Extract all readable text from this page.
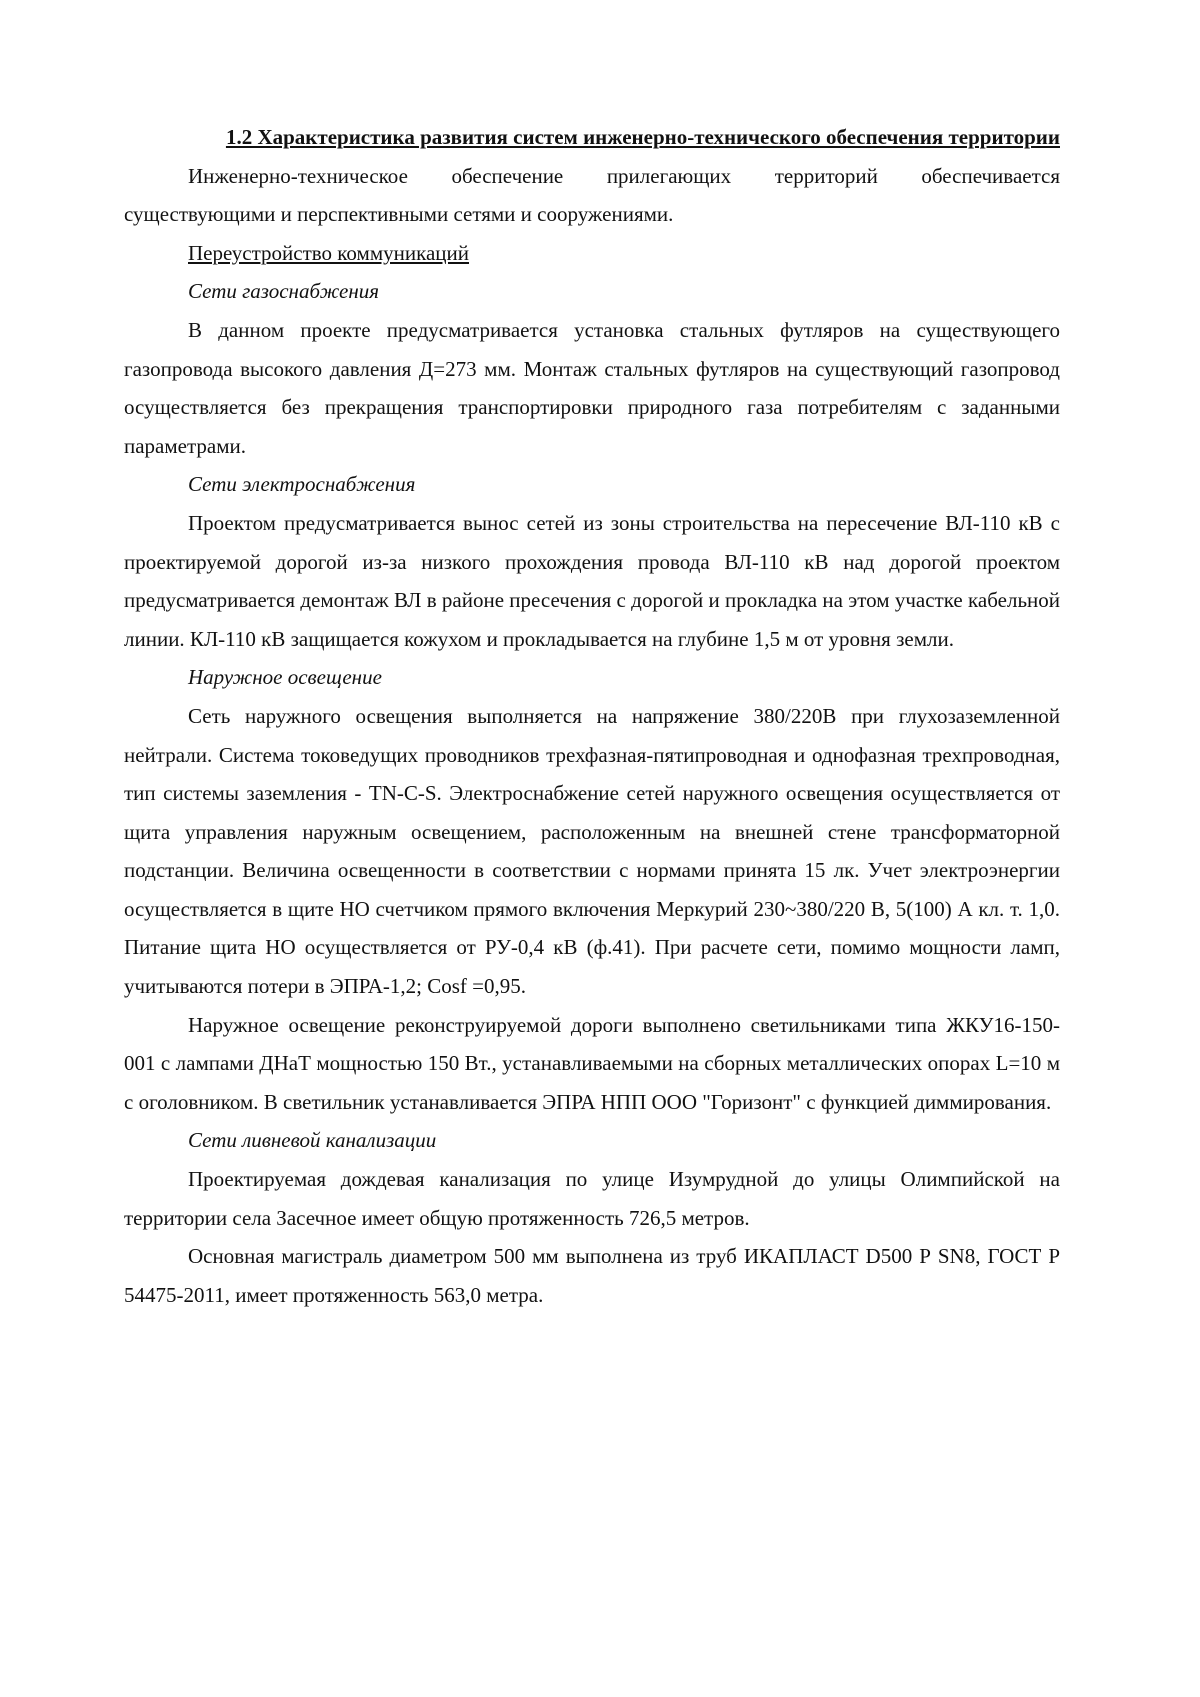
1.2 Характеристика развития систем инженерно-технического обеспечения территории

Инженерно-техническое обеспечение прилегающих территорий обеспечивается существующими и перспективными сетями и сооружениями.

Переустройство коммуникаций

Сети газоснабжения

В данном проекте предусматривается установка стальных футляров на существующего газопровода высокого давления Д=273 мм. Монтаж стальных футляров на существующий газопровод осуществляется без прекращения транспортировки природного газа потребителям с заданными параметрами.

Сети электроснабжения

Проектом предусматривается вынос сетей из зоны строительства на пересечение ВЛ-110 кВ с проектируемой дорогой из-за низкого прохождения провода ВЛ-110 кВ над дорогой проектом предусматривается демонтаж ВЛ в районе пресечения с дорогой и прокладка на этом участке кабельной линии. КЛ-110 кВ защищается кожухом и прокладывается на глубине 1,5 м от уровня земли.

Наружное освещение

Сеть наружного освещения выполняется на напряжение 380/220В при глухозаземленной нейтрали. Система токоведущих проводников трехфазная-пятипроводная и однофазная трехпроводная, тип системы заземления - TN-C-S. Электроснабжение сетей наружного освещения осуществляется от щита управления наружным освещением, расположенным на внешней стене трансформаторной подстанции. Величина освещенности в соответствии с нормами принята 15 лк. Учет электроэнергии осуществляется в щите НО счетчиком прямого включения Меркурий 230~380/220 В, 5(100) А кл. т. 1,0. Питание щита НО осуществляется от РУ-0,4 кВ (ф.41). При расчете сети, помимо мощности ламп, учитываются потери в ЭПРА-1,2; Cosf =0,95.

Наружное освещение реконструируемой дороги выполнено светильниками типа ЖКУ16-150-001 с лампами ДНаТ мощностью 150 Вт., устанавливаемыми на сборных металлических опорах L=10 м с оголовником. В светильник устанавливается ЭПРА НПП ООО "Горизонт" с функцией диммирования.

Сети ливневой канализации

Проектируемая дождевая канализация по улице Изумрудной до улицы Олимпийской на территории села Засечное имеет общую протяженность 726,5 метров.

Основная магистраль диаметром 500 мм выполнена из труб ИКАПЛАСТ D500 Р SN8, ГОСТ Р 54475-2011, имеет протяженность 563,0 метра.
